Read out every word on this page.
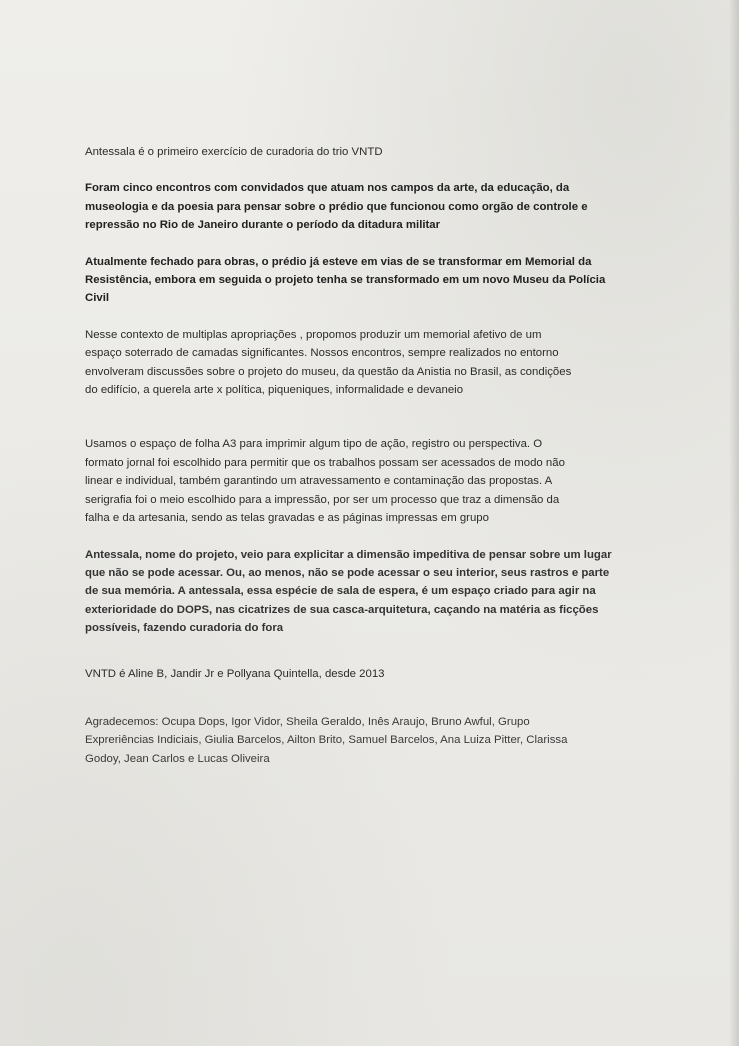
Antessala é o primeiro exercício de curadoria do trio VNTD

Foram cinco encontros com convidados que atuam nos campos da arte, da educação, da
museologia e da poesia para pensar sobre o prédio que funcionou como orgão de controle e
repressão no Rio de Janeiro durante o período da ditadura militar

Atualmente fechado para obras, o prédio já esteve em vias de se transformar em Memorial da
Resistência, embora em seguida o projeto tenha se transformado em um novo Museu da Polícia
Civil

Nesse contexto de multiplas apropriações , propomos produzir um memorial afetivo de um
espaço soterrado de camadas significantes. Nossos encontros, sempre realizados no entorno
envolveram discussões sobre o projeto do museu, da questão da Anistia no Brasil, as condições
do edifício, a querela arte x política, piqueniques, informalidade e devaneio

Usamos o espaço de folha A3 para imprimir algum tipo de ação, registro ou perspectiva. O
formato jornal foi escolhido para permitir que os trabalhos possam ser acessados de modo não
linear e individual, também garantindo um atravessamento e contaminação das propostas. A
serigrafia foi o meio escolhido para a impressão, por ser um processo que traz a dimensão da
falha e da artesania, sendo as telas gravadas e as páginas impressas em grupo

Antessala, nome do projeto, veio para explicitar a dimensão impeditiva de pensar sobre um lugar
que não se pode acessar. Ou, ao menos, não se pode acessar o seu interior, seus rastros e parte
de sua memória. A antessala, essa espécie de sala de espera, é um espaço criado para agir na
exterioridade do DOPS, nas cicatrizes de sua casca-arquitetura, caçando na matéria as ficções
possíveis, fazendo curadoria do fora

VNTD é Aline B, Jandir Jr e Pollyana Quintella, desde 2013

Agradecemos: Ocupa Dops, Igor Vidor, Sheila Geraldo, Inês Araujo, Bruno Awful, Grupo
Expreriências Indiciais, Giulia Barcelos, Ailton Brito, Samuel Barcelos, Ana Luiza Pitter, Clarissa
Godoy, Jean Carlos e Lucas Oliveira
